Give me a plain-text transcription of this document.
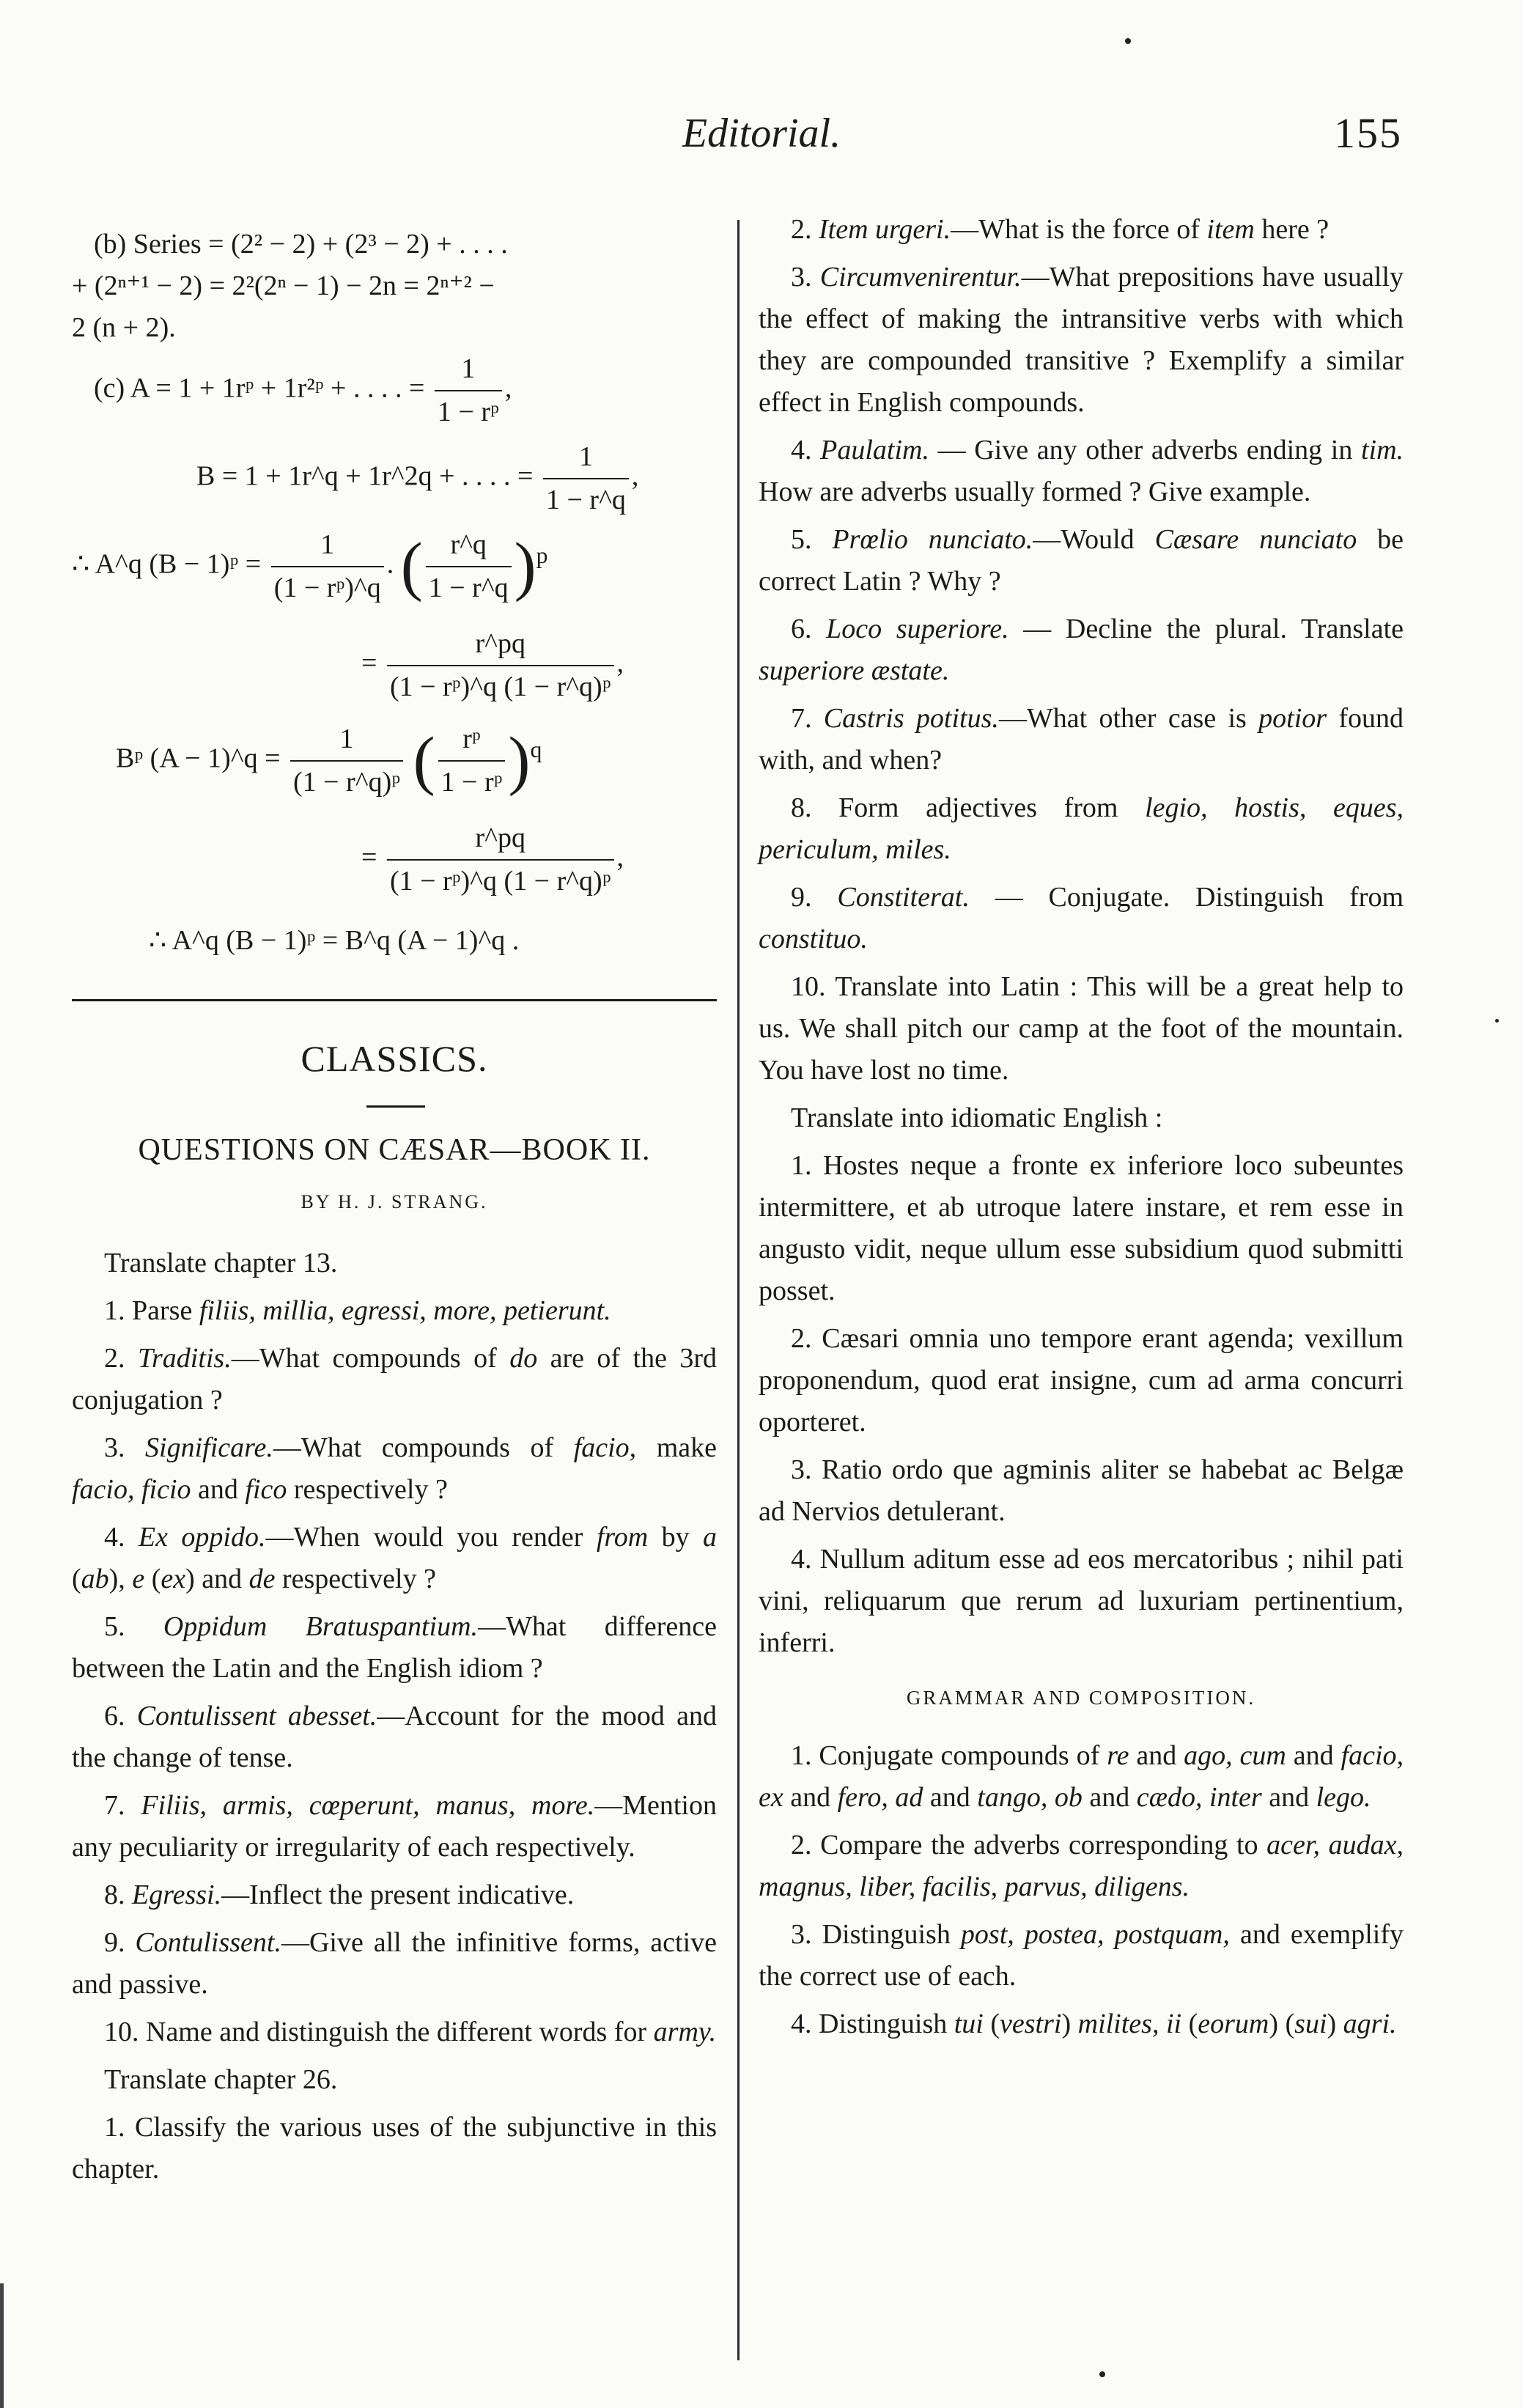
Editorial.	155
(b) Series = (2² − 2) + (2³ − 2) + . . . .
+ (2ⁿ⁺¹ − 2) = 2²(2ⁿ − 1) − 2n = 2ⁿ⁺² −
2 (n + 2).
(c) A = 1 + 1rᵖ + 1r²ᵖ + . . . . = $\frac{1}{\text{1 − rᵖ}}$ ,
B = 1 + 1r^q + 1r^2q + . . . . = $\frac{1}{1 - r\^{}q}$ ,
∴ A^q (B − 1)ᵖ = $\frac{1}{\text{(1 − rᵖ)\textasciicircum{}q}}$ . ( $\frac{r\^{}q}{1 - r\^{}q} )^p$
= $\frac{r\^{}pq}{\text{(1 − rᵖ)\textasciicircum{}q (1 − r\textasciicircum{}q)ᵖ}}$ ,
Bᵖ (A − 1)^q = $\frac{1}{\text{(1 − r\textasciicircum{}q)ᵖ}}$ ( $\frac{\text{rᵖ}}{\text{1 − rᵖ}} )^q$
= $\frac{r\^{}pq}{\text{(1 − rᵖ)\textasciicircum{}q (1 − r\textasciicircum{}q)ᵖ}}$ ,
∴ A^q (B − 1)ᵖ = B^q (A − 1)^q .
CLASSICS.
QUESTIONS ON CÆSAR—BOOK II.
BY H. J. STRANG.

Translate chapter 13.

1. Parse filiis, millia, egressi, more, petierunt.

2. Traditis.—What compounds of do are of the 3rd conjugation ?

3. Significare.—What compounds of facio, make facio, ficio and fico respectively ?

4. Ex oppido.—When would you render from by a (ab), e (ex) and de respectively ?

5. Oppidum Bratuspantium.—What difference between the Latin and the English idiom ?

6. Contulissent abesset.—Account for the mood and the change of tense.

7. Filiis, armis, cœperunt, manus, more.—Mention any peculiarity or irregularity of each respectively.

8. Egressi.—Inflect the present indicative.

9. Contulissent.—Give all the infinitive forms, active and passive.

10. Name and distinguish the different words for army.

Translate chapter 26.

1. Classify the various uses of the subjunctive in this chapter.

2. Item urgeri.—What is the force of item here ?

3. Circumvenirentur.—What prepositions have usually the effect of making the intransitive verbs with which they are compounded transitive ? Exemplify a similar effect in English compounds.

4. Paulatim. — Give any other adverbs ending in tim. How are adverbs usually formed ? Give example.

5. Prœlio nunciato.—Would Cæsare nunciato be correct Latin ? Why ?

6. Loco superiore. — Decline the plural. Translate superiore æstate.

7. Castris potitus.—What other case is potior found with, and when?

8. Form adjectives from legio, hostis, eques, periculum, miles.

9. Constiterat. — Conjugate. Distinguish from constituo.

10. Translate into Latin : This will be a great help to us. We shall pitch our camp at the foot of the mountain. You have lost no time.

Translate into idiomatic English :

1. Hostes neque a fronte ex inferiore loco subeuntes intermittere, et ab utroque latere instare, et rem esse in angusto vidit, neque ullum esse subsidium quod submitti posset.

2. Cæsari omnia uno tempore erant agenda; vexillum proponendum, quod erat insigne, cum ad arma concurri oporteret.

3. Ratio ordo que agminis aliter se habebat ac Belgæ ad Nervios detulerant.

4. Nullum aditum esse ad eos mercatoribus ; nihil pati vini, reliquarum que rerum ad luxuriam pertinentium, inferri.

GRAMMAR AND COMPOSITION.

1. Conjugate compounds of re and ago, cum and facio, ex and fero, ad and tango, ob and cædo, inter and lego.

2. Compare the adverbs corresponding to acer, audax, magnus, liber, facilis, parvus, diligens.

3. Distinguish post, postea, postquam, and exemplify the correct use of each.

4. Distinguish tui (vestri) milites, ii (eorum) (sui) agri.
